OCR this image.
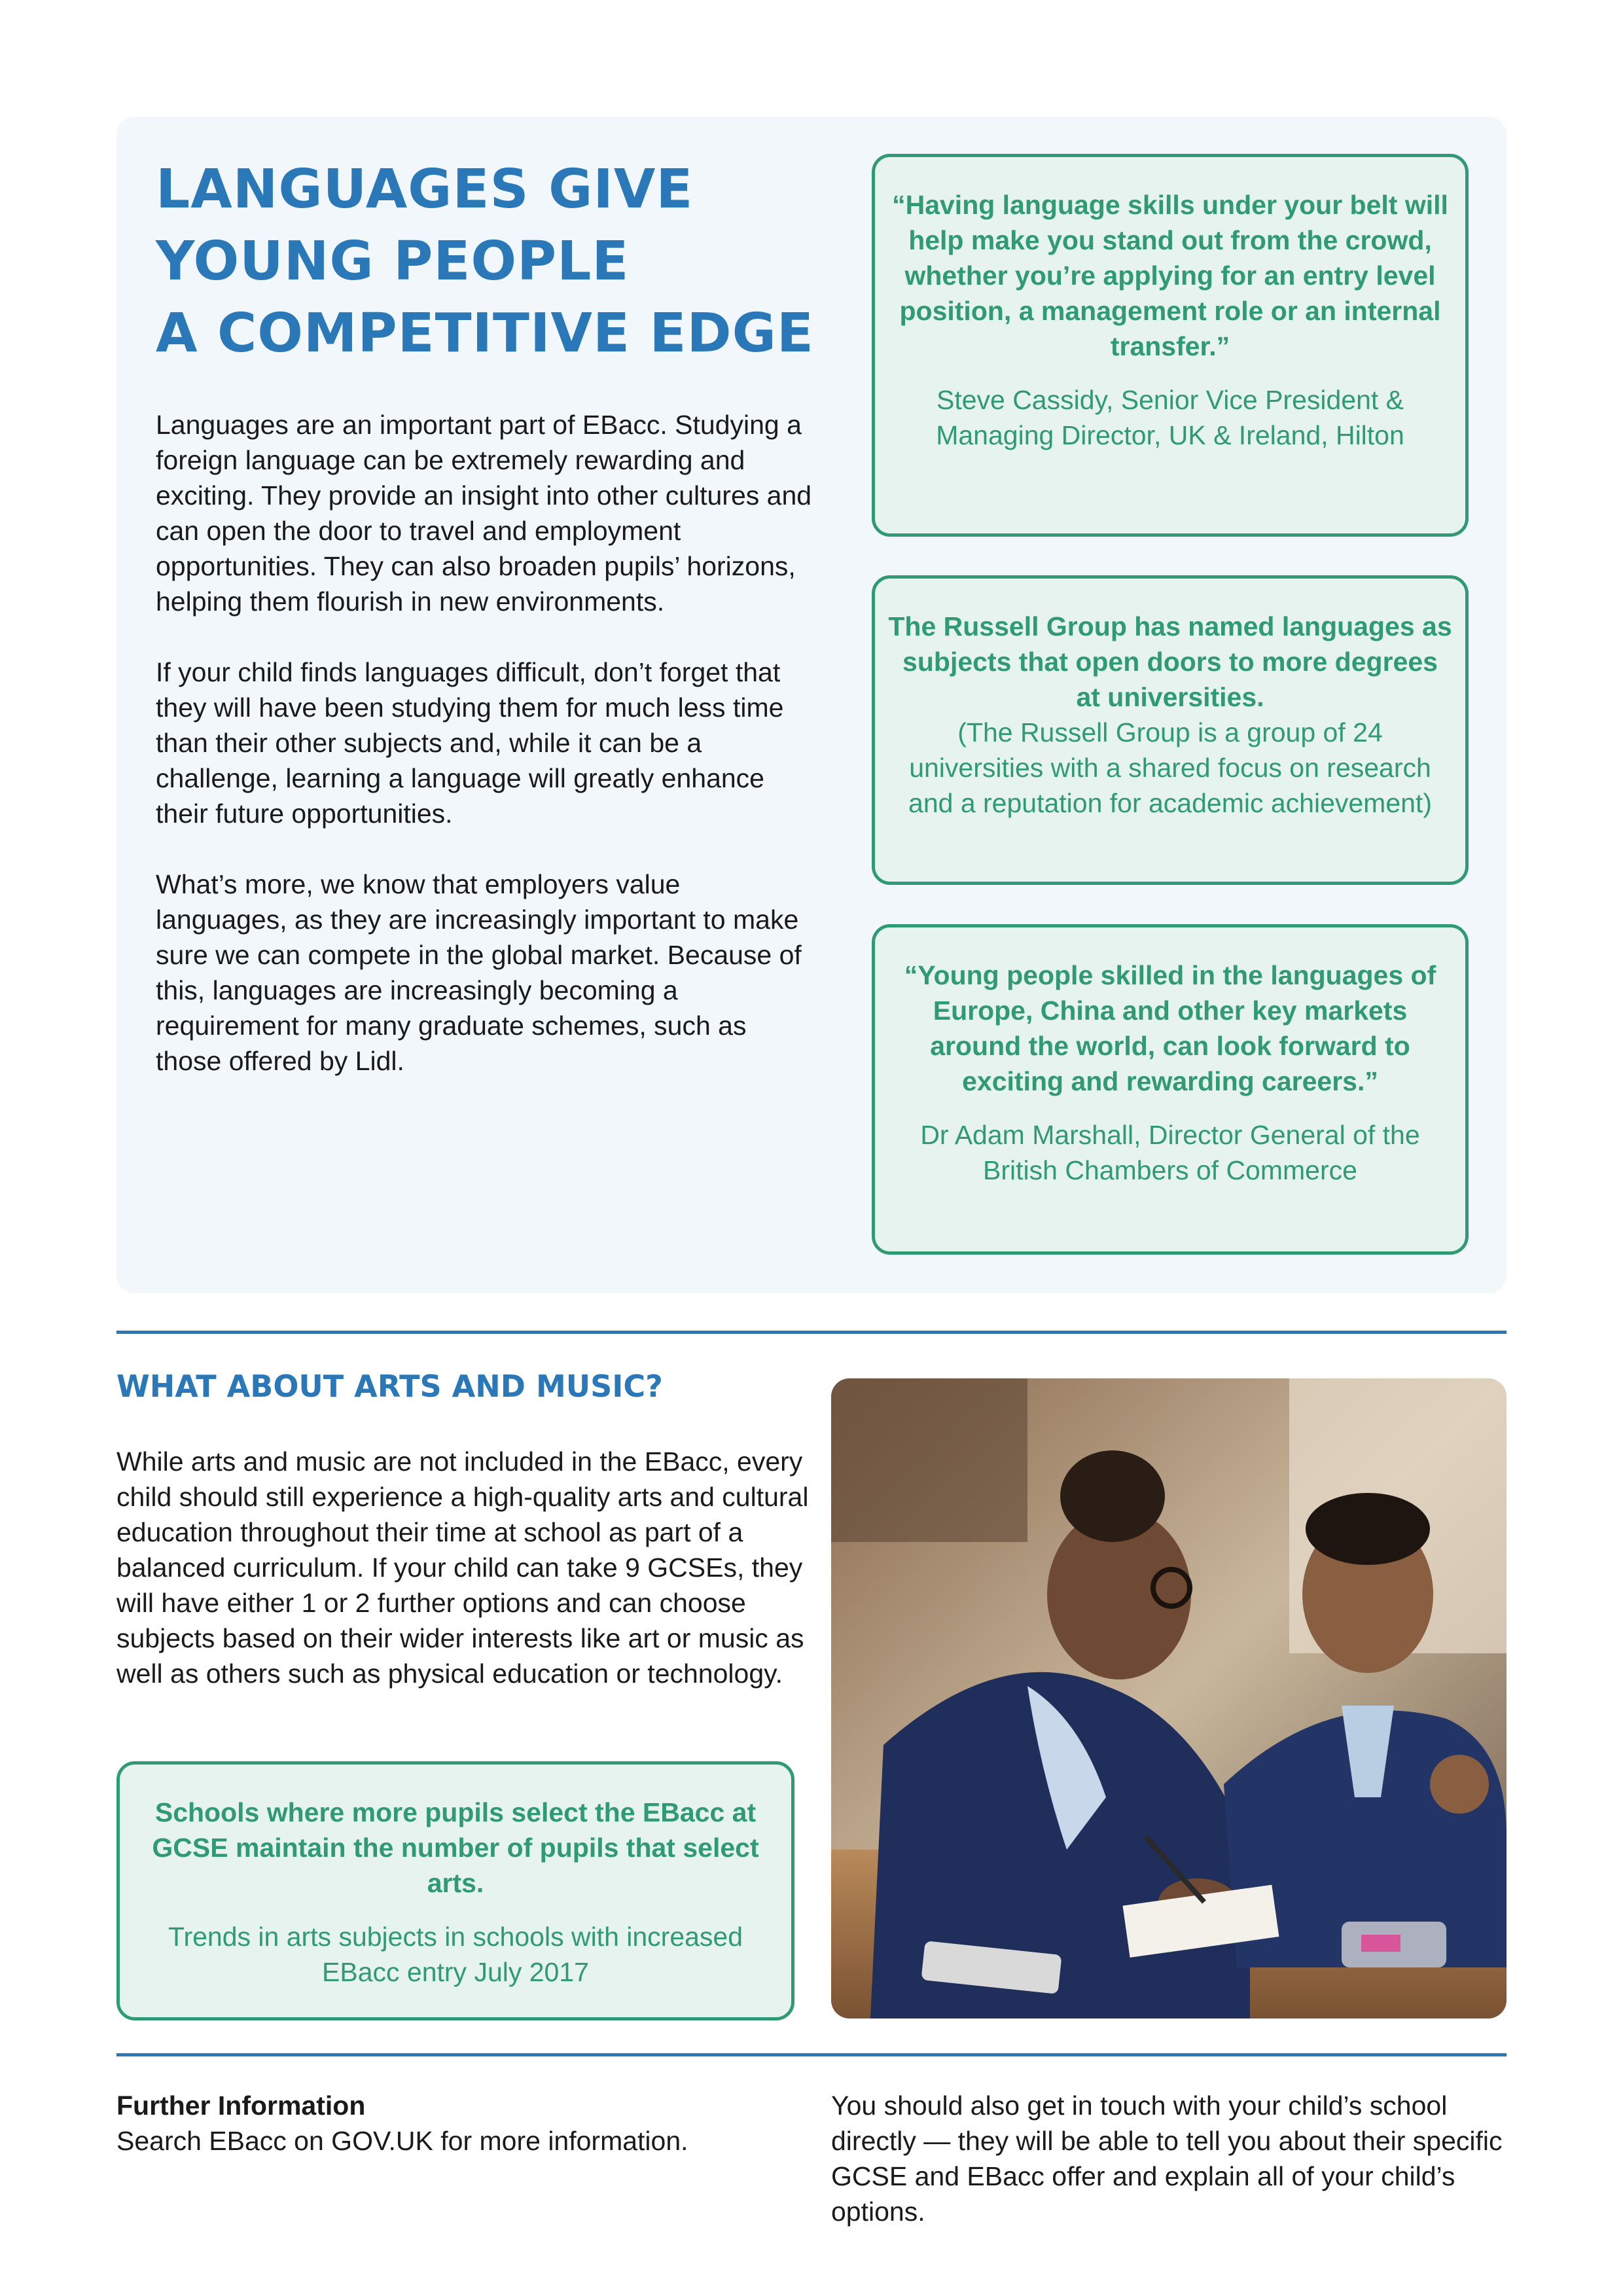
LANGUAGES GIVE
YOUNG PEOPLE
A COMPETITIVE EDGE

Languages are an important part of EBacc. Studying a foreign language can be extremely rewarding and exciting. They provide an insight into other cultures and can open the door to travel and employment opportunities. They can also broaden pupils’ horizons, helping them flourish in new environments.

If your child finds languages difficult, don’t forget that they will have been studying them for much less time than their other subjects and, while it can be a challenge, learning a language will greatly enhance their future opportunities.

What’s more, we know that employers value languages, as they are increasingly important to make sure we can compete in the global market. Because of this, languages are increasingly becoming a requirement for many graduate schemes, such as those offered by Lidl.

“Having language skills under your belt will help make you stand out from the crowd, whether you’re applying for an entry level position, a management role or an internal transfer.”
Steve Cassidy, Senior Vice President & Managing Director, UK & Ireland, Hilton
The Russell Group has named languages as subjects that open doors to more degrees at universities.
(The Russell Group is a group of 24 universities with a shared focus on research and a reputation for academic achievement)
“Young people skilled in the languages of Europe, China and other key markets around the world, can look forward to exciting and rewarding careers.”
Dr Adam Marshall, Director General of the British Chambers of Commerce
WHAT ABOUT ARTS AND MUSIC?
While arts and music are not included in the EBacc, every child should still experience a high-quality arts and cultural education throughout their time at school as part of a balanced curriculum. If your child can take 9 GCSEs, they will have either 1 or 2 further options and can choose subjects based on their wider interests like art or music as well as others such as physical education or technology.
Schools where more pupils select the EBacc at GCSE maintain the number of pupils that select arts.
Trends in arts subjects in schools with increased EBacc entry July 2017
Further Information
Search EBacc on GOV.UK for more information.
You should also get in touch with your child’s school directly — they will be able to tell you about their specific GCSE and EBacc offer and explain all of your child’s options.
